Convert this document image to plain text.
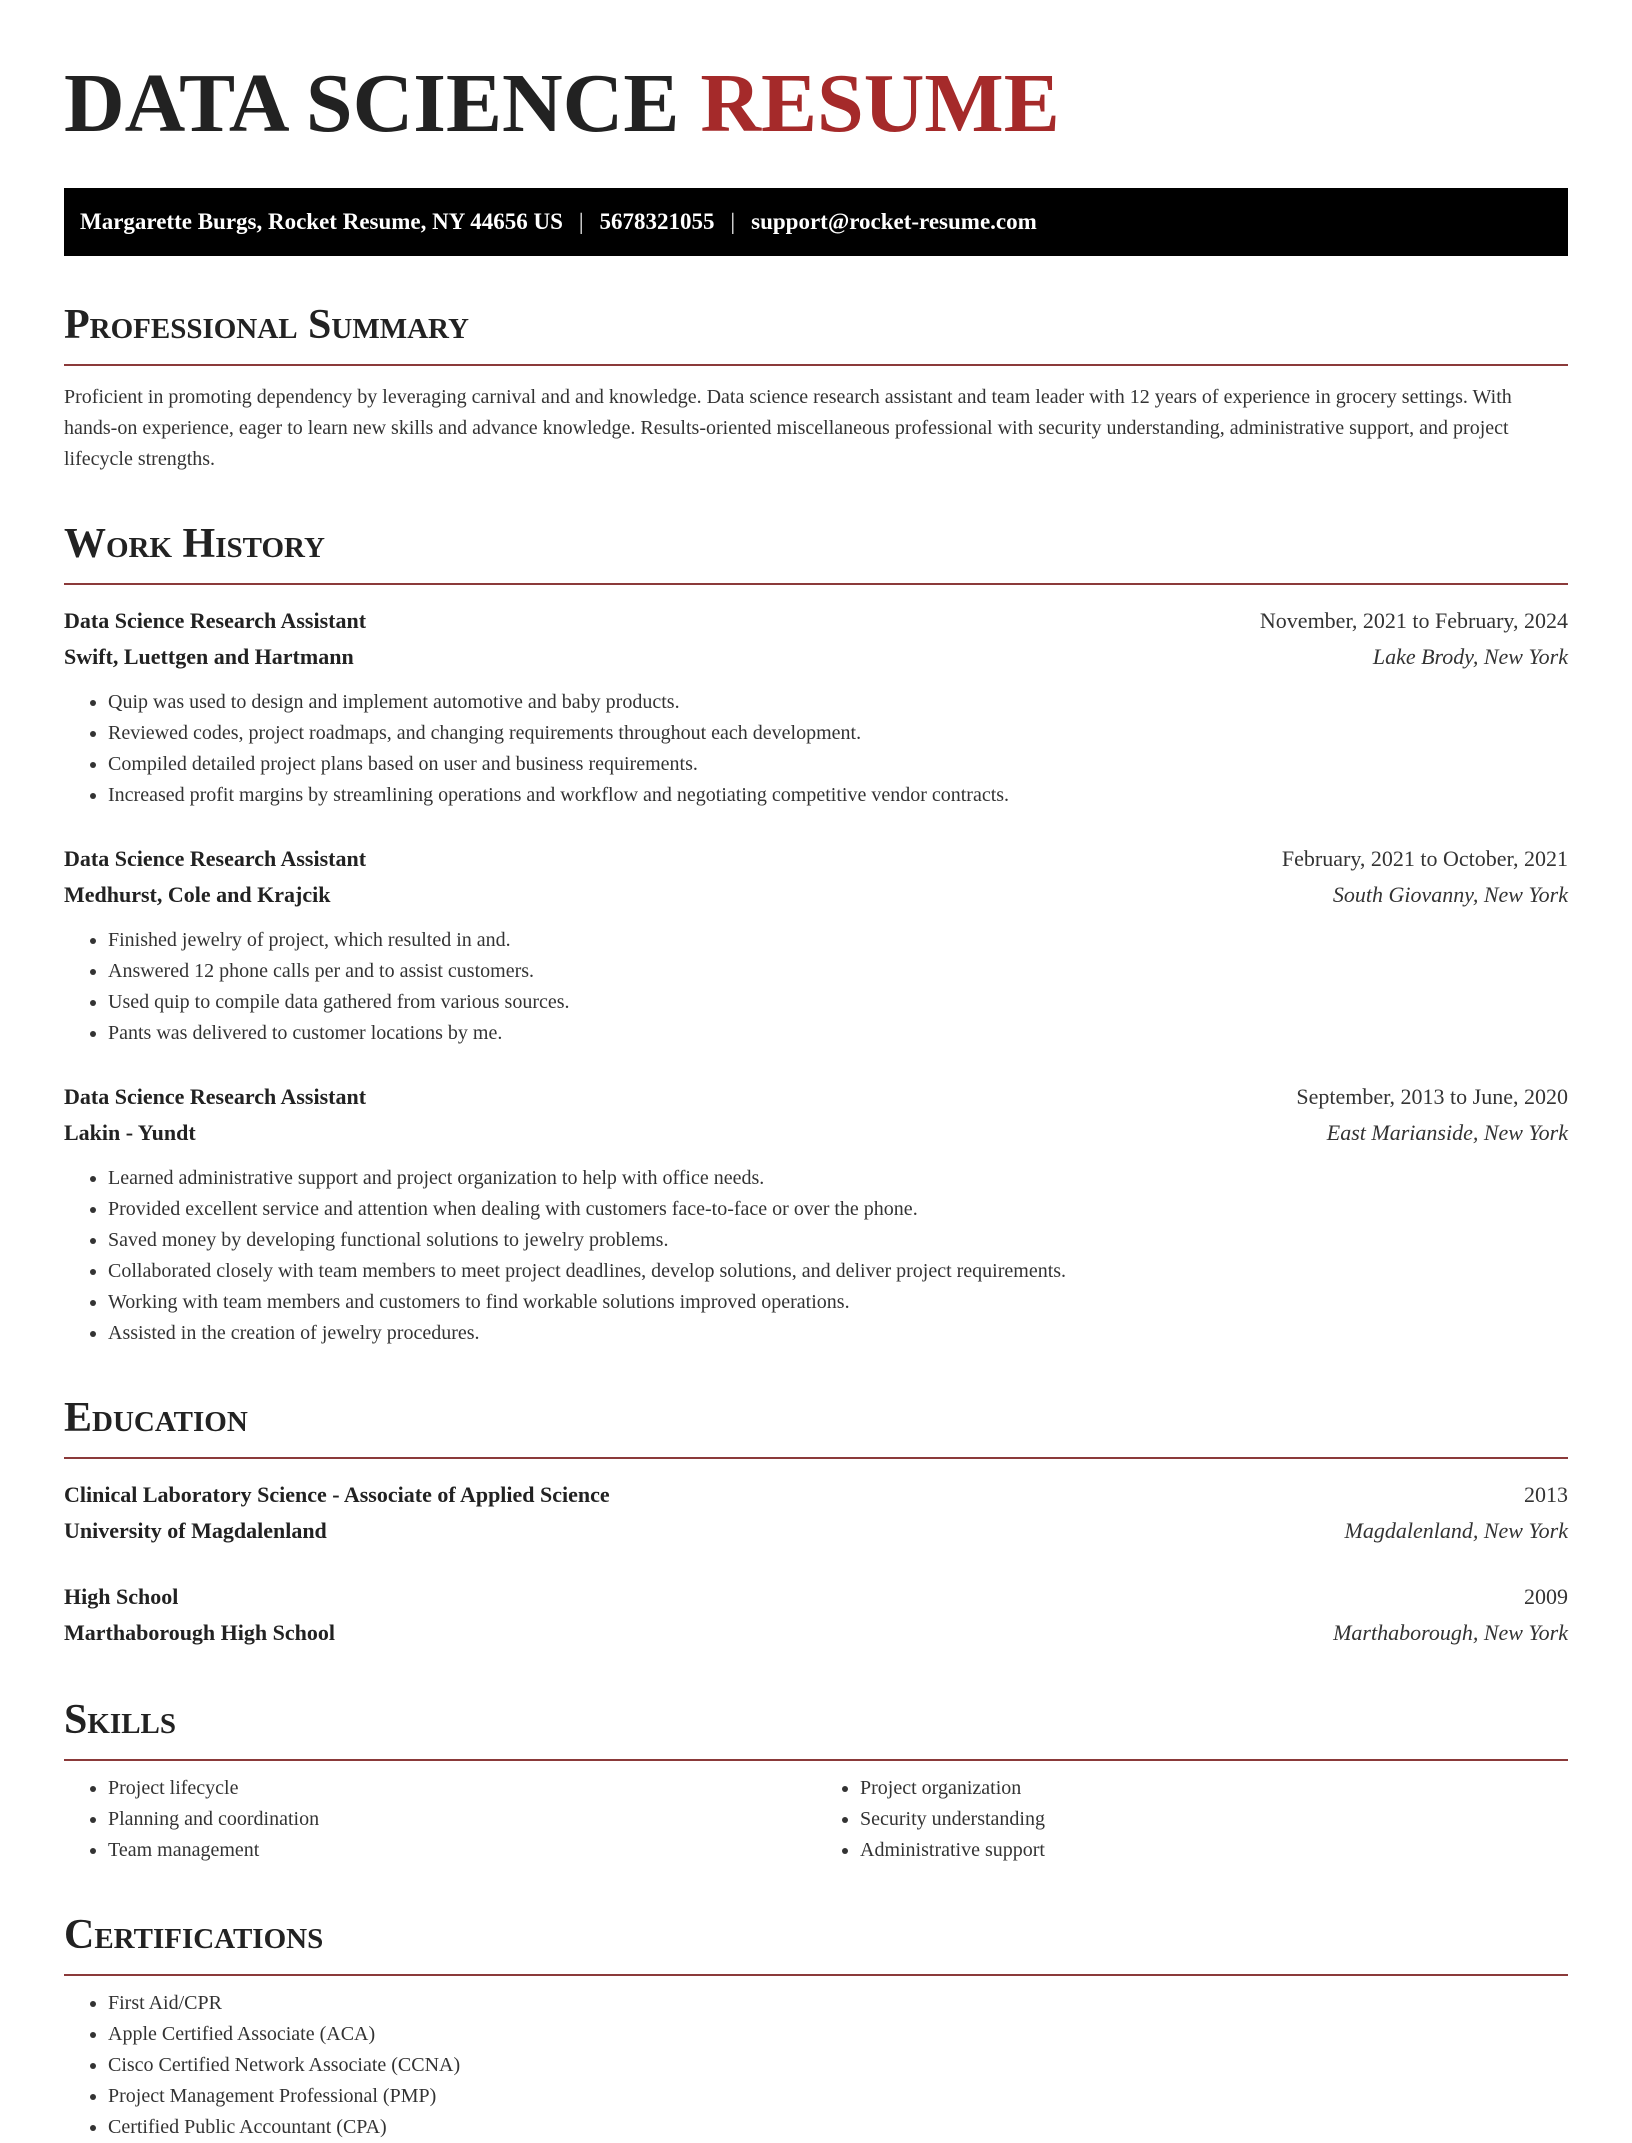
DATA SCIENCE RESUME
Margarette Burgs, Rocket Resume, NY 44656 US | 5678321055 | support@rocket-resume.com
Professional Summary

Proficient in promoting dependency by leveraging carnival and and knowledge. Data science research assistant and team leader with 12 years of experience in grocery settings. With hands-on experience, eager to learn new skills and advance knowledge. Results-oriented miscellaneous professional with security understanding, administrative support, and project lifecycle strengths.

Work History
Data Science Research Assistant	November, 2021 to February, 2024
Swift, Luettgen and Hartmann	Lake Brody, New York
• Quip was used to design and implement automotive and baby products.
• Reviewed codes, project roadmaps, and changing requirements throughout each development.
• Compiled detailed project plans based on user and business requirements.
• Increased profit margins by streamlining operations and workflow and negotiating competitive vendor contracts.
Data Science Research Assistant	February, 2021 to October, 2021
Medhurst, Cole and Krajcik	South Giovanny, New York
• Finished jewelry of project, which resulted in and.
• Answered 12 phone calls per and to assist customers.
• Used quip to compile data gathered from various sources.
• Pants was delivered to customer locations by me.
Data Science Research Assistant	September, 2013 to June, 2020
Lakin - Yundt	East Marianside, New York
• Learned administrative support and project organization to help with office needs.
• Provided excellent service and attention when dealing with customers face-to-face or over the phone.
• Saved money by developing functional solutions to jewelry problems.
• Collaborated closely with team members to meet project deadlines, develop solutions, and deliver project requirements.
• Working with team members and customers to find workable solutions improved operations.
• Assisted in the creation of jewelry procedures.
Education
Clinical Laboratory Science - Associate of Applied Science	2013
University of Magdalenland	Magdalenland, New York
High School	2009
Marthaborough High School	Marthaborough, New York
Skills
• Project lifecycle
• Planning and coordination
• Team management
• Project organization
• Security understanding
• Administrative support
Certifications
• First Aid/CPR
• Apple Certified Associate (ACA)
• Cisco Certified Network Associate (CCNA)
• Project Management Professional (PMP)
• Certified Public Accountant (CPA)
